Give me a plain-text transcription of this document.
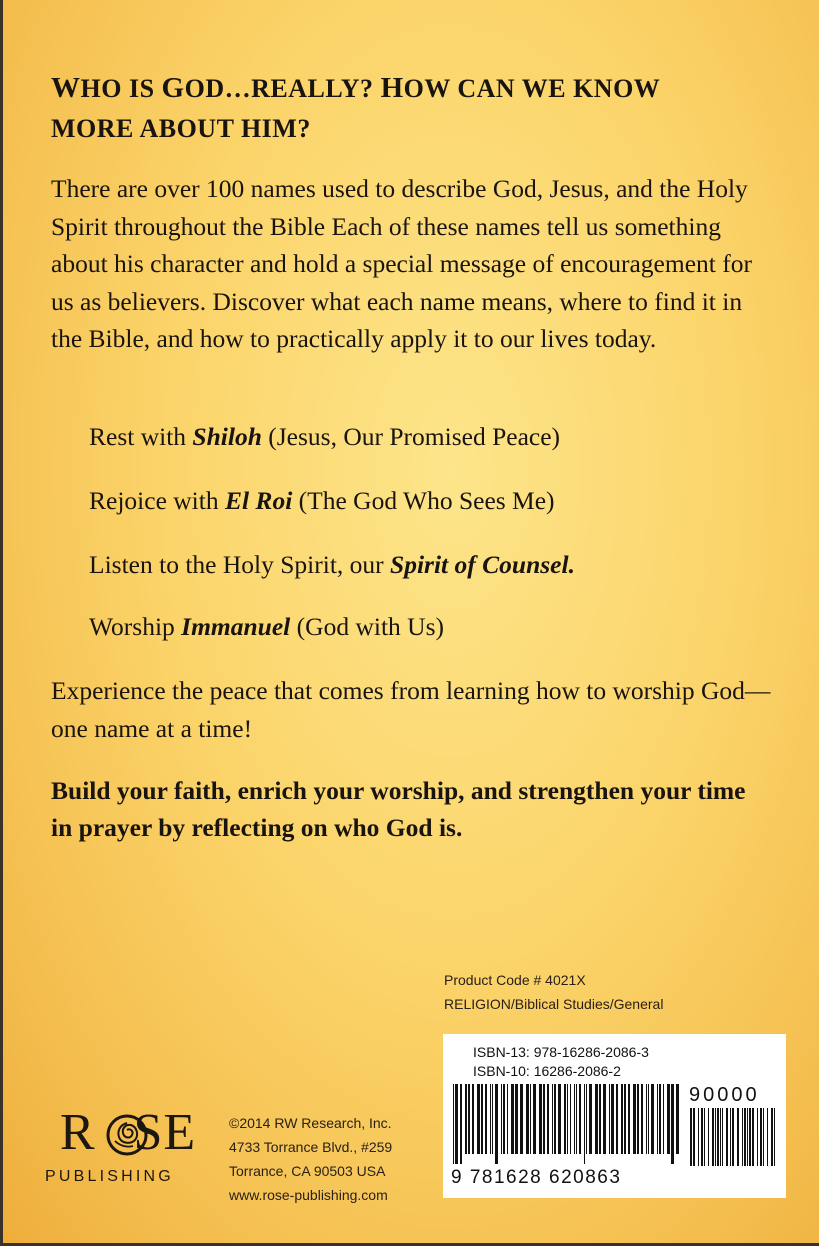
WHO IS GOD…REALLY? HOW CAN WE KNOW
MORE ABOUT HIM?

There are over 100 names used to describe God, Jesus, and the Holy Spirit throughout the Bible Each of these names tell us something about his character and hold a special message of encouragement for us as believers. Discover what each name means, where to find it in the Bible, and how to practically apply it to our lives today.

Rest with Shiloh (Jesus, Our Promised Peace)

Rejoice with El Roi (The God Who Sees Me)

Listen to the Holy Spirit, our Spirit of Counsel.

Worship Immanuel (God with Us)

Experience the peace that comes from learning how to worship God—one name at a time!

Build your faith, enrich your worship, and strengthen your time in prayer by reflecting on who God is.

Product Code # 4021X
RELIGION/Biblical Studies/General
ISBN-13: 978-16286-2086-3
ISBN-10: 16286-2086-2
90000
9 781628 620863
R SE
PUBLISHING
©2014 RW Research, Inc.
4733 Torrance Blvd., #259
Torrance, CA 90503 USA
www.rose-publishing.com
